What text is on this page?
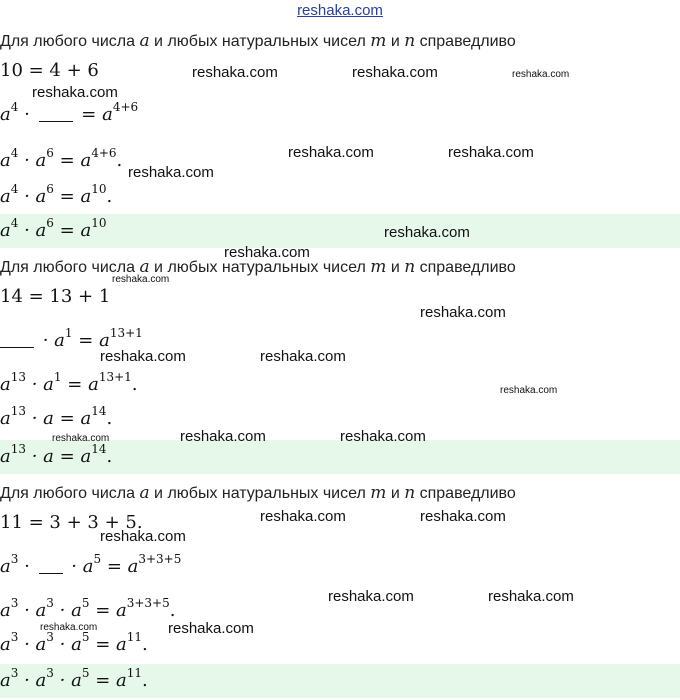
reshaka.com
Для любого числа a и любых натуральных чисел m и n справедливо
10 = 4 + 6
$a^4$ ·  = $a^{4+6}$
$a^4 \cdot a^6 = a^{4+6}$.
$a^4 \cdot a^6 = a^{10}$.
$a^4 \cdot a^6 = a^{10}$
Для любого числа a и любых натуральных чисел m и n справедливо
14 = 13 + 1
· $a^1 = a^{13+1}$
$a^{13} \cdot a^1 = a^{13+1}$.
$a^{13} \cdot a = a^{14}$.
$a^{13} \cdot a = a^{14}$.
Для любого числа a и любых натуральных чисел m и n справедливо
11 = 3 + 3 + 5.
$a^3$ ·  · $a^5 = a^{3+3+5}$
$a^3 \cdot a^3 \cdot a^5 = a^{3+3+5}$.
$a^3 \cdot a^3 \cdot a^5 = a^{11}$.
$a^3 \cdot a^3 \cdot a^5 = a^{11}$.
reshaka.com	reshaka.com	reshaka.com
reshaka.com
reshaka.com	reshaka.com
reshaka.com
reshaka.com
reshaka.com
reshaka.com
reshaka.com
reshaka.com	reshaka.com
reshaka.com
reshaka.com	reshaka.com	reshaka.com
reshaka.com	reshaka.com
reshaka.com
reshaka.com	reshaka.com
reshaka.com	reshaka.com
